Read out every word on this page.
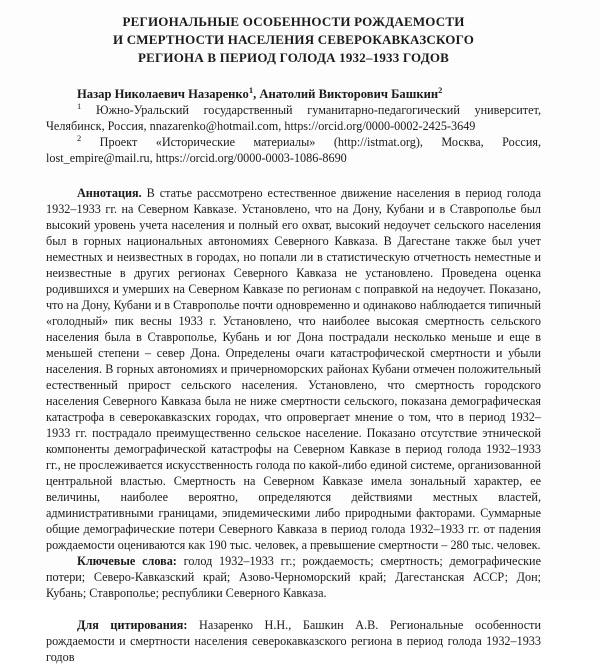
РЕГИОНАЛЬНЫЕ ОСОБЕННОСТИ РОЖДАЕМОСТИ
И СМЕРТНОСТИ НАСЕЛЕНИЯ СЕВЕРОКАВКАЗСКОГО
РЕГИОНА В ПЕРИОД ГОЛОДА 1932–1933 ГОДОВ

Назар Николаевич Назаренко$^1$, Анатолий Викторович Башкин$^2$

$^1$ Южно-Уральский государственный гуманитарно-педагогический университет, Челябинск, Россия, nnazarenko@hotmail.com, https://orcid.org/0000-0002-2425-3649

$^2$ Проект «Исторические материалы» (http://istmat.org), Москва, Россия, lost_empire@mail.ru, https://orcid.org/0000-0003-1086-8690

Аннотация. В статье рассмотрено естественное движение населения в период голода 1932–1933 гг. на Северном Кавказе. Установлено, что на Дону, Кубани и в Ставрополье был высокий уровень учета населения и полный его охват, высокий недоучет сельского населения был в горных национальных автономиях Северного Кавказа. В Дагестане также был учет неместных и неизвестных в городах, но попали ли в статистическую отчетность неместные и неизвестные в других регионах Северного Кавказа не установлено. Проведена оценка родившихся и умерших на Северном Кавказе по регионам с поправкой на недоучет. Показано, что на Дону, Кубани и в Ставрополье почти одновременно и одинаково наблюдается типичный «голодный» пик весны 1933 г. Установлено, что наиболее высокая смертность сельского населения была в Ставрополье, Кубань и юг Дона пострадали несколько меньше и еще в меньшей степени – север Дона. Определены очаги катастрофической смертности и убыли населения. В горных автономиях и причерноморских районах Кубани отмечен положительный естественный прирост сельского населения. Установлено, что смертность городского населения Северного Кавказа была не ниже смертности сельского, показана демографическая катастрофа в северокавказских городах, что опровергает мнение о том, что в период 1932–1933 гг. пострадало преимущественно сельское население. Показано отсутствие этнической компоненты демографической катастрофы на Северном Кавказе в период голода 1932–1933 гг., не прослеживается искусственность голода по какой-либо единой системе, организованной центральной властью. Смертность на Северном Кавказе имела зональный характер, ее величины, наиболее вероятно, определяются действиями местных властей, административными границами, эпидемическими либо природными факторами. Суммарные общие демографические потери Северного Кавказа в период голода 1932–1933 гг. от падения рождаемости оцениваются как 190 тыс. человек, а превышение смертности – 280 тыс. человек.

Ключевые слова: голод 1932–1933 гг.; рождаемость; смертность; демографические потери; Северо-Кавказский край; Азово-Черноморский край; Дагестанская АССР; Дон; Кубань; Ставрополье; республики Северного Кавказа.

Для цитирования: Назаренко Н.Н., Башкин А.В. Региональные особенности рождаемости и смертности населения северокавказского региона в период голода 1932–1933 годов
